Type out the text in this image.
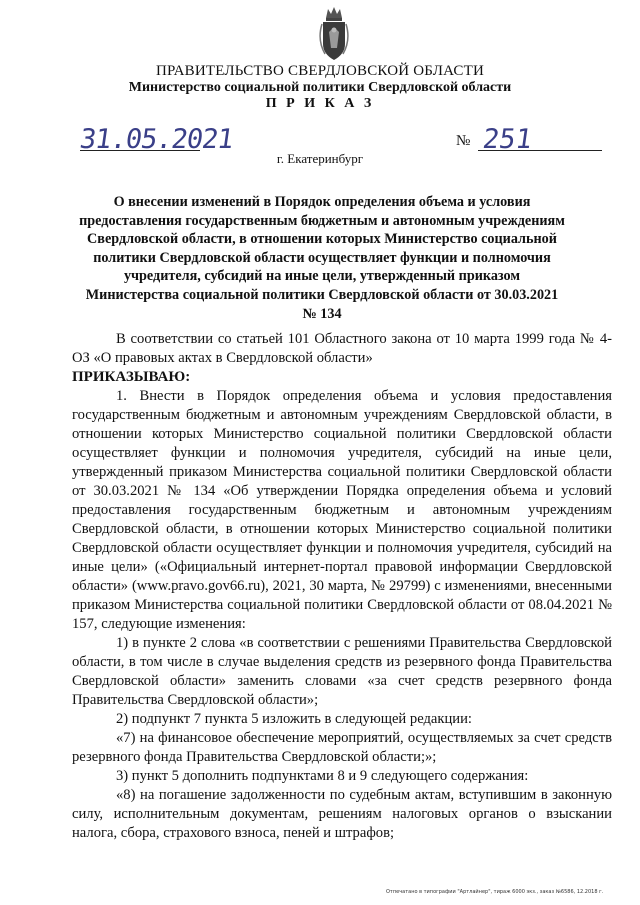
ПРАВИТЕЛЬСТВО СВЕРДЛОВСКОЙ ОБЛАСТИ
Министерство социальной политики Свердловской области
П Р И К А З
31.05.2021	№ 251
г. Екатеринбург
О внесении изменений в Порядок определения объема и условия предоставления государственным бюджетным и автономным учреждениям Свердловской области, в отношении которых Министерство социальной политики Свердловской области осуществляет функции и полномочия учредителя, субсидий на иные цели, утвержденный приказом Министерства социальной политики Свердловской области от 30.03.2021 № 134

В соответствии со статьей 101 Областного закона от 10 марта 1999 года № 4-ОЗ «О правовых актах в Свердловской области»

ПРИКАЗЫВАЮ:

1. Внести в Порядок определения объема и условия предоставления государственным бюджетным и автономным учреждениям Свердловской области, в отношении которых Министерство социальной политики Свердловской области осуществляет функции и полномочия учредителя, субсидий на иные цели, утвержденный приказом Министерства социальной политики Свердловской области от 30.03.2021 № 134 «Об утверждении Порядка определения объема и условий предоставления государственным бюджетным и автономным учреждениям Свердловской области, в отношении которых Министерство социальной политики Свердловской области осуществляет функции и полномочия учредителя, субсидий на иные цели» («Официальный интернет-портал правовой информации Свердловской области» (www.pravo.gov66.ru), 2021, 30 марта, № 29799) с изменениями, внесенными приказом Министерства социальной политики Свердловской области от 08.04.2021 № 157, следующие изменения:

1) в пункте 2 слова «в соответствии с решениями Правительства Свердловской области, в том числе в случае выделения средств из резервного фонда Правительства Свердловской области» заменить словами «за счет средств резервного фонда Правительства Свердловской области»;

2) подпункт 7 пункта 5 изложить в следующей редакции:

«7) на финансовое обеспечение мероприятий, осуществляемых за счет средств резервного фонда Правительства Свердловской области;»;

3) пункт 5 дополнить подпунктами 8 и 9 следующего содержания:

«8) на погашение задолженности по судебным актам, вступившим в законную силу, исполнительным документам, решениям налоговых органов о взыскании налога, сбора, страхового взноса, пеней и штрафов;

Отпечатано в типографии "Артлайнер", тираж 6000 экз., заказ №6586, 12.2018 г.
